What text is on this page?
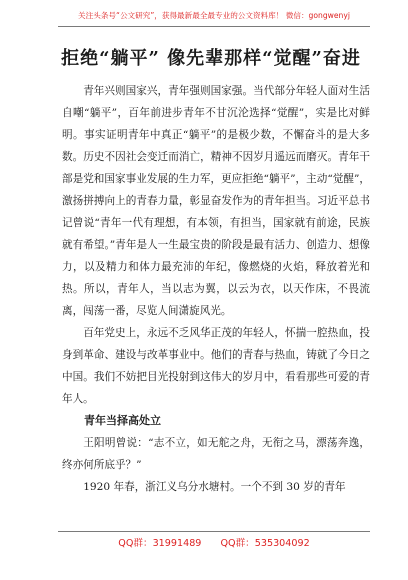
关注头条号“公文研究”，获得最新最全最专业的公文资料库！ 微信：gongwenyj
拒绝“躺平” 像先辈那样“觉醒”奋进

青年兴则国家兴，青年强则国家强。当代部分年轻人面对生活自嘲“躺平”，百年前进步青年不甘沉沦选择“觉醒”，实是比对鲜明。事实证明青年中真正“躺平”的是极少数，不懈奋斗的是大多数。历史不因社会变迁而消亡，精神不因岁月遥远而磨灭。青年干部是党和国家事业发展的生力军，更应拒绝“躺平”，主动“觉醒”，激扬拼搏向上的青春力量，彰显奋发作为的青年担当。习近平总书记曾说“青年一代有理想，有本领，有担当，国家就有前途，民族就有希望。”青年是人一生最宝贵的阶段是最有活力、创造力、想像力，以及精力和体力最充沛的年纪，像燃烧的火焰，释放着光和热。所以，青年人，当以志为翼，以云为衣，以天作床，不畏流离，闯荡一番，尽览人间潇旋风光。

百年党史上，永远不乏风华正茂的年轻人，怀揣一腔热血，投身到革命、建设与改革事业中。他们的青春与热血，铸就了今日之中国。我们不妨把目光投射到这伟大的岁月中，看看那些可爱的青年人。

青年当择高处立

王阳明曾说：“志不立，如无舵之舟，无衔之马，漂荡奔逸，终亦何所底乎？”

1920 年春，浙江义乌分水塘村。一个不到 30 岁的青年

QQ群：31991489 QQ群：535304092
